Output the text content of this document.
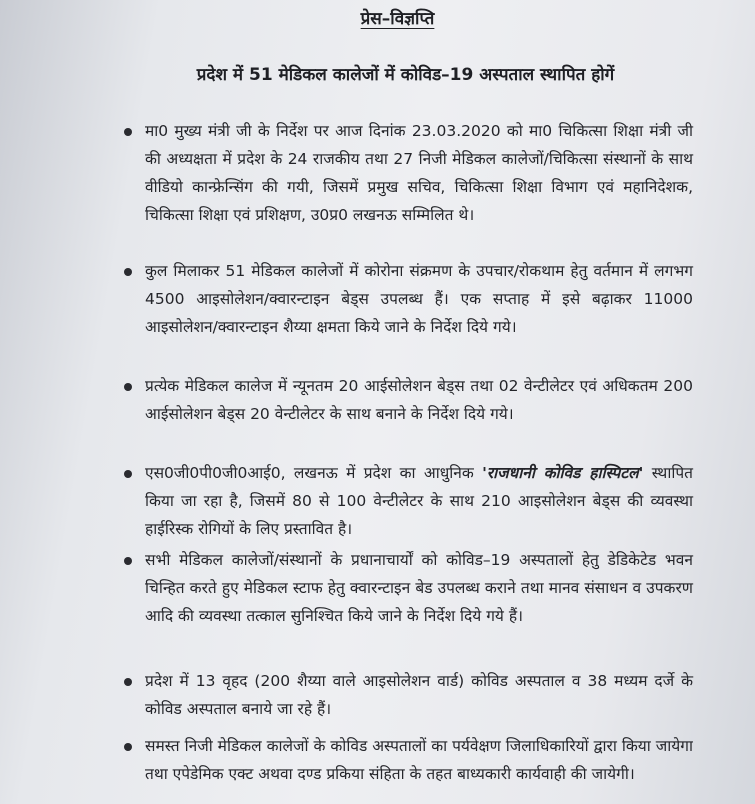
प्रेस–विज्ञप्ति
प्रदेश में 51 मेडिकल कालेजों में कोविड–19 अस्पताल स्थापित होगें
मा0 मुख्य मंत्री जी के निर्देश पर आज दिनांक 23.03.2020 को मा0 चिकित्सा शिक्षा मंत्री जी की अध्यक्षता में प्रदेश के 24 राजकीय तथा 27 निजी मेडिकल कालेजों/चिकित्सा संस्थानों के साथ वीडियो कान्फ्रेन्सिंग की गयी, जिसमें प्रमुख सचिव, चिकित्सा शिक्षा विभाग एवं महानिदेशक, चिकित्सा शिक्षा एवं प्रशिक्षण, उ0प्र0 लखनऊ सम्मिलित थे।
कुल मिलाकर 51 मेडिकल कालेजों में कोरोना संक्रमण के उपचार/रोकथाम हेतु वर्तमान में लगभग 4500 आइसोलेशन/क्वारन्टाइन बेड्स उपलब्ध हैं। एक सप्ताह में इसे बढ़ाकर 11000 आइसोलेशन/क्वारन्टाइन शैय्या क्षमता किये जाने के निर्देश दिये गये।
प्रत्येक मेडिकल कालेज में न्यूनतम 20 आईसोलेशन बेड्स तथा 02 वेन्टीलेटर एवं अधिकतम 200 आईसोलेशन बेड्स 20 वेन्टीलेटर के साथ बनाने के निर्देश दिये गये।
एस0जी0पी0जी0आई0, लखनऊ में प्रदेश का आधुनिक 'राजधानी कोविड हास्पिटल' स्थापित किया जा रहा है, जिसमें 80 से 100 वेन्टीलेटर के साथ 210 आइसोलेशन बेड्स की व्यवस्था हाईरिस्क रोगियों के लिए प्रस्तावित है।
सभी मेडिकल कालेजों/संस्थानों के प्रधानाचार्यों को कोविड–19 अस्पतालों हेतु डेडिकेटेड भवन चिन्हित करते हुए मेडिकल स्टाफ हेतु क्वारन्टाइन बेड उपलब्ध कराने तथा मानव संसाधन व उपकरण आदि की व्यवस्था तत्काल सुनिश्चित किये जाने के निर्देश दिये गये हैं।
प्रदेश में 13 वृहद (200 शैय्या वाले आइसोलेशन वार्ड) कोविड अस्पताल व 38 मध्यम दर्जे के कोविड अस्पताल बनाये जा रहे हैं।
समस्त निजी मेडिकल कालेजों के कोविड अस्पतालों का पर्यवेक्षण जिलाधिकारियों द्वारा किया जायेगा तथा एपेडेमिक एक्ट अथवा दण्ड प्रकिया संहिता के तहत बाध्यकारी कार्यवाही की जायेगी।
